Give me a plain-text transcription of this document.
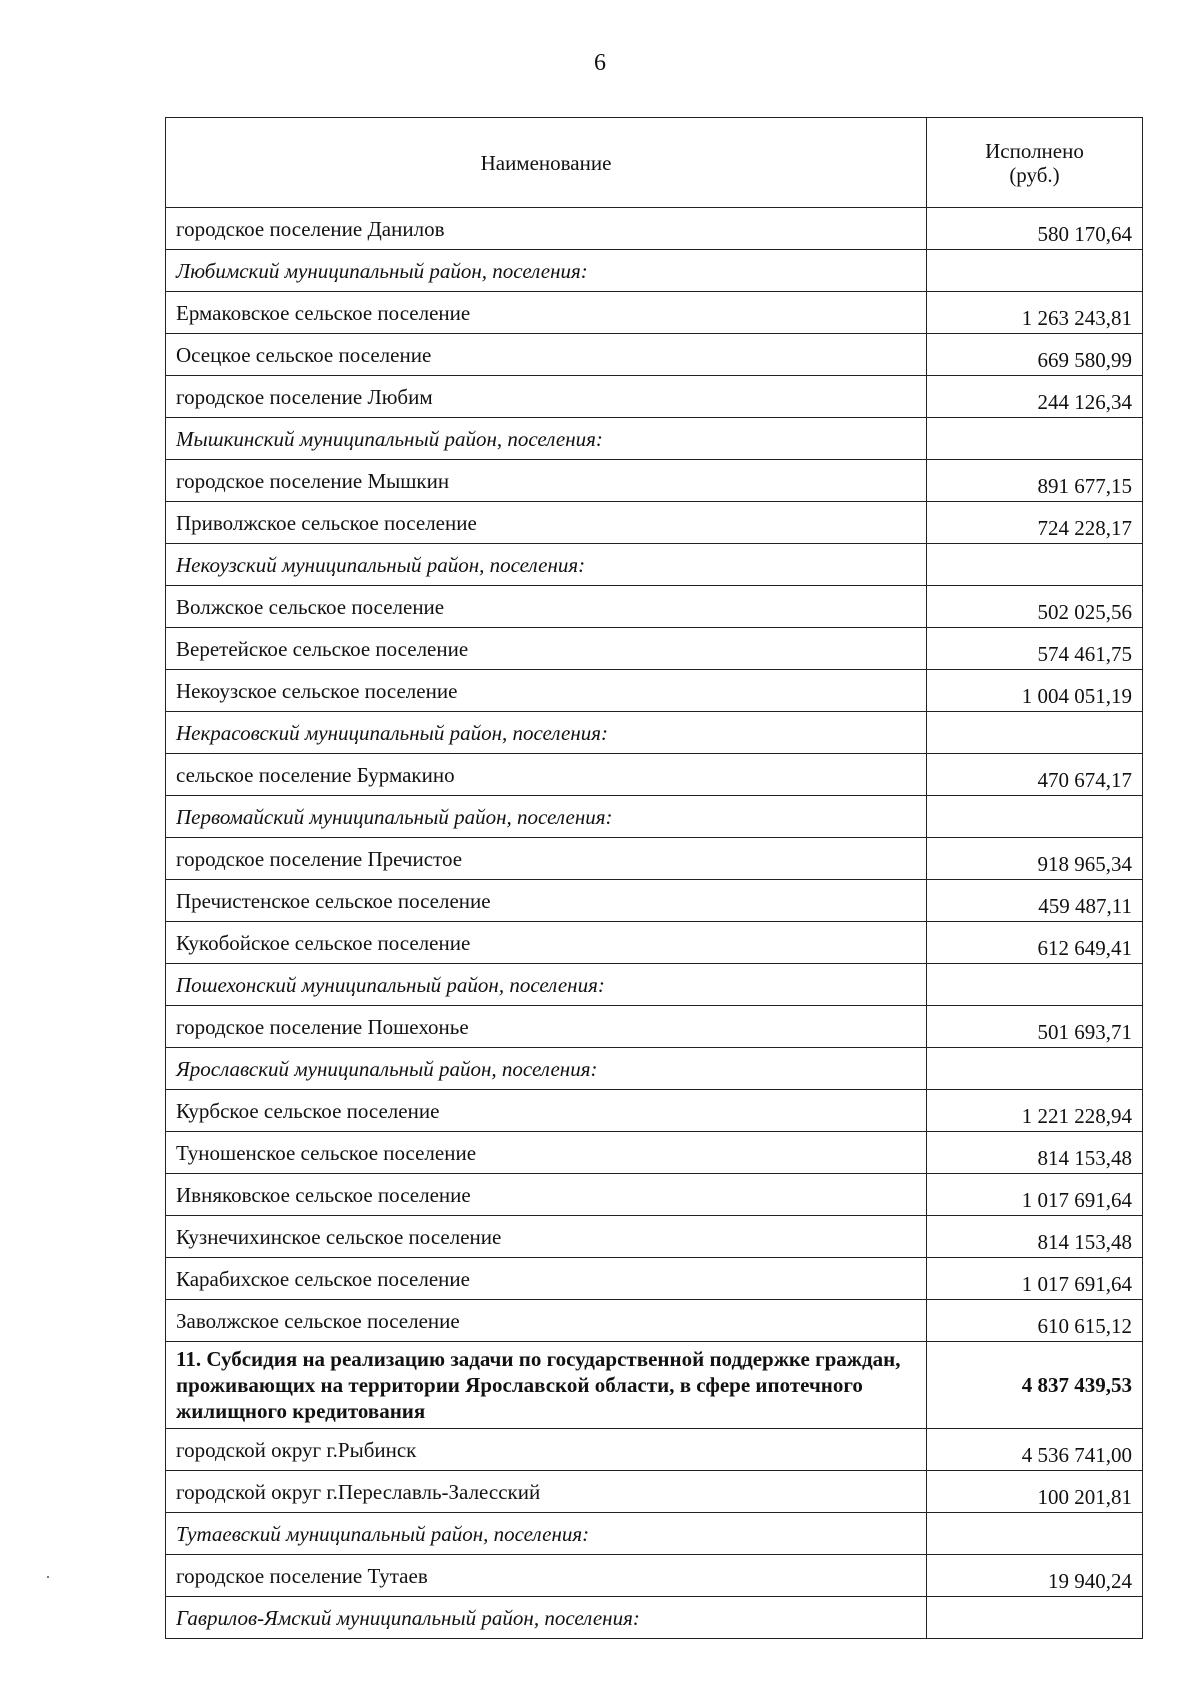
6
Наименование	Исполнено
(руб.)
городское поселение Данилов	580 170,64
Любимский муниципальный район, поселения:	
Ермаковское сельское поселение	1 263 243,81
Осецкое сельское поселение	669 580,99
городское поселение Любим	244 126,34
Мышкинский муниципальный район, поселения:	
городское поселение Мышкин	891 677,15
Приволжское сельское поселение	724 228,17
Некоузский муниципальный район, поселения:	
Волжское сельское поселение	502 025,56
Веретейское сельское поселение	574 461,75
Некоузское сельское поселение	1 004 051,19
Некрасовский муниципальный район, поселения:	
сельское поселение Бурмакино	470 674,17
Первомайский муниципальный район, поселения:	
городское поселение Пречистое	918 965,34
Пречистенское сельское поселение	459 487,11
Кукобойское сельское поселение	612 649,41
Пошехонский муниципальный район, поселения:	
городское поселение Пошехонье	501 693,71
Ярославский муниципальный район, поселения:	
Курбское сельское поселение	1 221 228,94
Туношенское сельское поселение	814 153,48
Ивняковское сельское поселение	1 017 691,64
Кузнечихинское сельское поселение	814 153,48
Карабихское сельское поселение	1 017 691,64
Заволжское сельское поселение	610 615,12
11. Субсидия на реализацию задачи по государственной поддержке граждан, проживающих на территории Ярославской области, в сфере ипотечного жилищного кредитования	4 837 439,53
городской округ г.Рыбинск	4 536 741,00
городской округ г.Переславль-Залесский	100 201,81
Тутаевский муниципальный район, поселения:	
городское поселение Тутаев	19 940,24
Гаврилов-Ямский муниципальный район, поселения:	
